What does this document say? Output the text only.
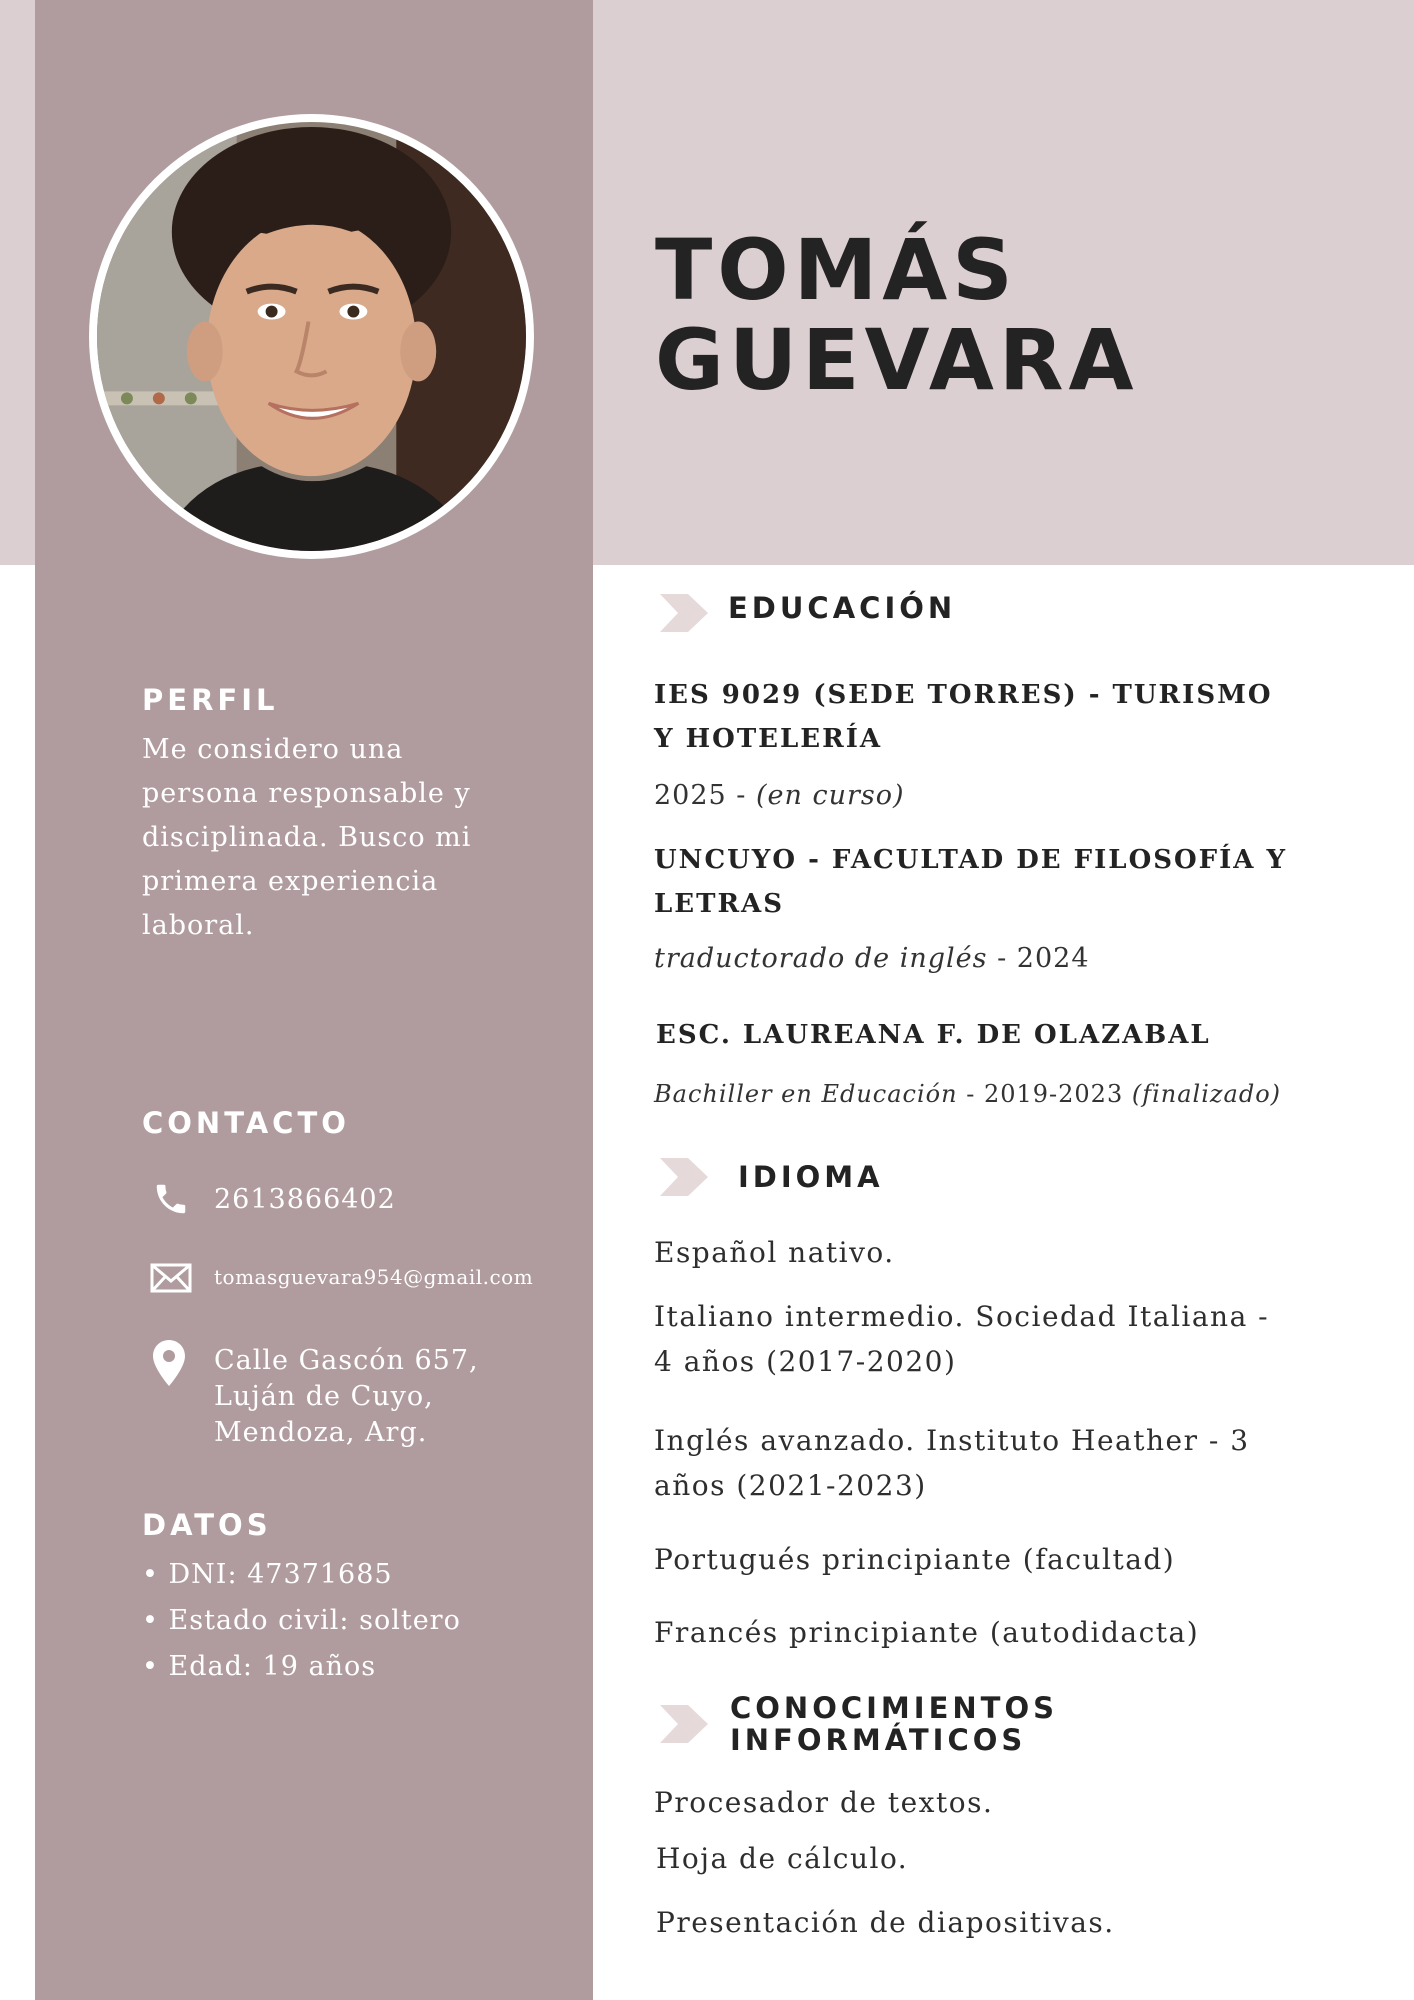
TOMÁS
GUEVARA
PERFIL

Me considero una persona responsable y disciplinada. Busco mi primera experiencia laboral.

CONTACTO
2613866402
tomasguevara954@gmail.com
Calle Gascón 657,
Luján de Cuyo,
Mendoza, Arg.
DATOS
• DNI: 47371685
• Estado civil: soltero
• Edad: 19 años
EDUCACIÓN

IES 9029 (SEDE TORRES) - TURISMO Y HOTELERÍA

2025 - (en curso)

UNCUYO - FACULTAD DE FILOSOFÍA Y LETRAS

traductorado de inglés - 2024

ESC. LAUREANA F. DE OLAZABAL

Bachiller en Educación - 2019-2023 (finalizado)

IDIOMA

Español nativo.

Italiano intermedio. Sociedad Italiana - 4 años (2017-2020)

Inglés avanzado. Instituto Heather - 3 años (2021-2023)

Portugués principiante (facultad)

Francés principiante (autodidacta)

CONOCIMIENTOS
INFORMÁTICOS

Procesador de textos.

Hoja de cálculo.

Presentación de diapositivas.
